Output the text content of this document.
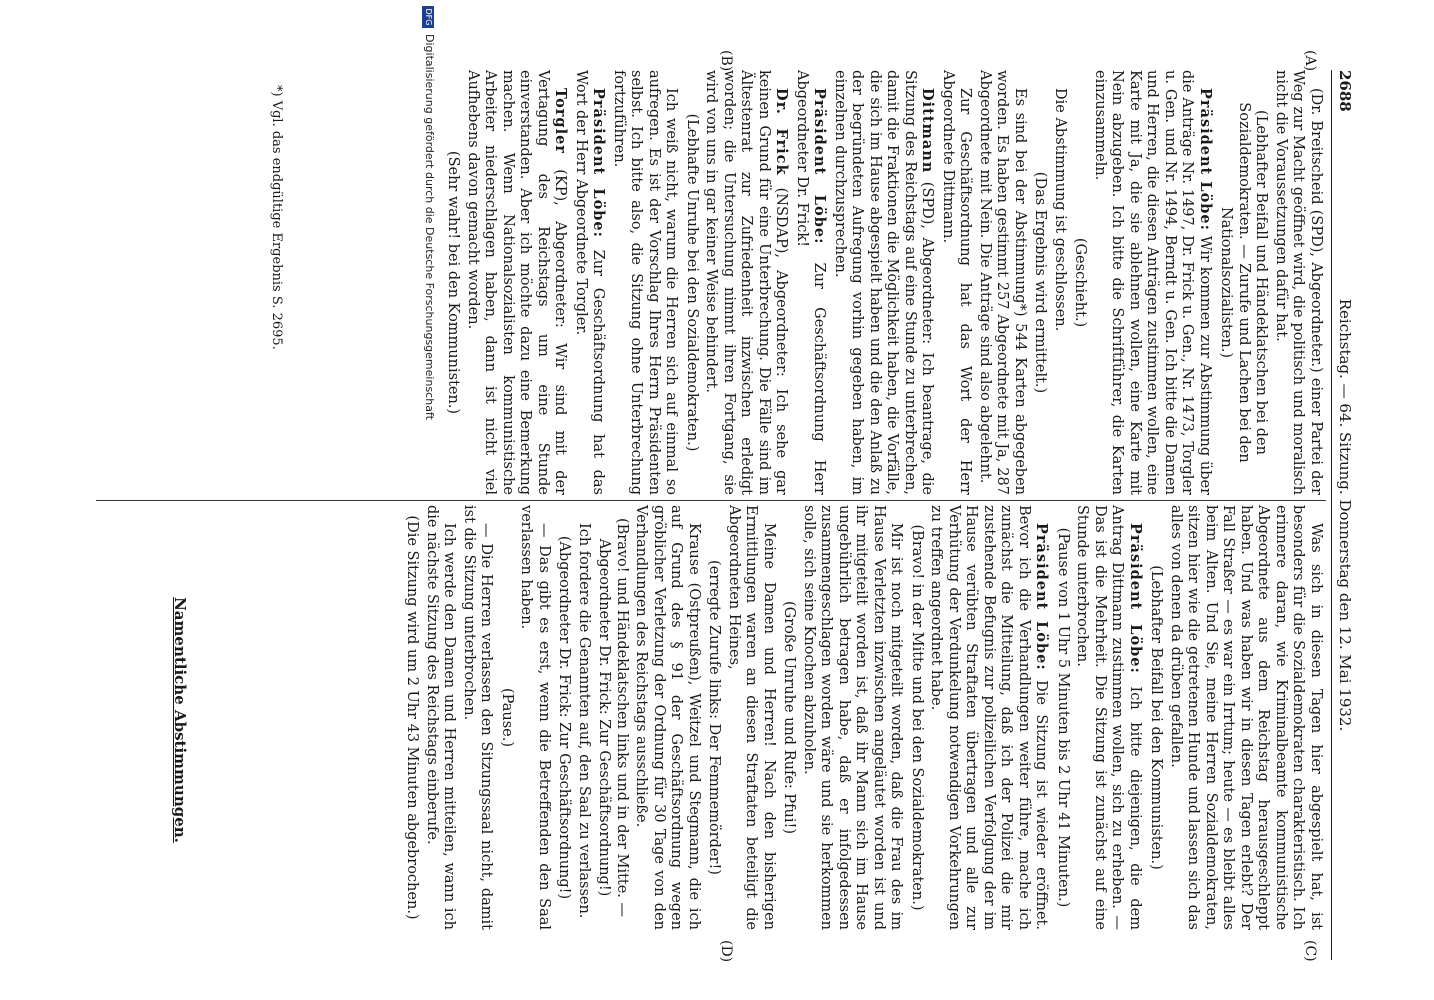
2688
Reichstag. — 64. Sitzung. Donnerstag den 12. Mai 1932.
(A)
(B)
(C)
(D)

(Dr. Breitscheid (SPD), Abgeordneter.) einer Partei der Weg zur Macht geöffnet wird, die politisch und moralisch nicht die Voraussetzungen dafür hat.

(Lebhafter Beifall und Händeklatschen bei den Sozialdemokraten. — Zurufe und Lachen bei den Nationalsozialisten.)

Präsident Löbe: Wir kommen zur Abstimmung über die Anträge Nr. 1497, Dr. Frick u. Gen., Nr. 1473, Torgler u. Gen. und Nr. 1494, Berndt u. Gen. Ich bitte die Damen und Herren, die diesen Anträgen zustimmen wollen, eine Karte mit Ja, die sie ablehnen wollen, eine Karte mit Nein abzugeben. Ich bitte die Schriftführer, die Karten einzusammeln.

(Geschieht.)

Die Abstimmung ist geschlossen.

(Das Ergebnis wird ermittelt.)

Es sind bei der Abstimmung*) 544 Karten abgegeben worden. Es haben gestimmt 257 Abgeordnete mit Ja, 287 Abgeordnete mit Nein. Die Anträge sind also abgelehnt.

Zur Geschäftsordnung hat das Wort der Herr Abgeordnete Dittmann.

Dittmann (SPD), Abgeordneter: Ich beantrage, die Sitzung des Reichstags auf eine Stunde zu unterbrechen, damit die Fraktionen die Möglichkeit haben, die Vorfälle, die sich im Hause abgespielt haben und die den Anlaß zu der begründeten Aufregung vorhin gegeben haben, im einzelnen durchzusprechen.

Präsident Löbe: Zur Geschäftsordnung Herr Abgeordneter Dr. Frick!

Dr. Frick (NSDAP), Abgeordneter: Ich sehe gar keinen Grund für eine Unterbrechung. Die Fälle sind im Ältestenrat zur Zufriedenheit inzwischen erledigt worden; die Untersuchung nimmt ihren Fortgang, sie wird von uns in gar keiner Weise behindert.

(Lebhafte Unruhe bei den Sozialdemokraten.)

Ich weiß nicht, warum die Herren sich auf einmal so aufregen. Es ist der Vorschlag Ihres Herrn Präsidenten selbst. Ich bitte also, die Sitzung ohne Unterbrechung fortzuführen.

Präsident Löbe: Zur Geschäftsordnung hat das Wort der Herr Abgeordnete Torgler.

Torgler (KP), Abgeordneter: Wir sind mit der Vertagung des Reichstags um eine Stunde einverstanden. Aber ich möchte dazu eine Bemerkung machen. Wenn Nationalsozialisten kommunistische Arbeiter niederschlagen haben, dann ist nicht viel Aufhebens davon gemacht worden.

(Sehr wahr! bei den Kommunisten.)

Was sich in diesen Tagen hier abgespielt hat, ist besonders für die Sozialdemokraten charakteristisch. Ich erinnere daran, wie Kriminalbeamte kommunistische Abgeordnete aus dem Reichstag herausgeschleppt haben. Und was haben wir in diesen Tagen erlebt? Der Fall Straßer — es war ein Irrtum; heute — es bleibt alles beim Alten. Und Sie, meine Herren Sozialdemokraten, sitzen hier wie die getretenen Hunde und lassen sich das alles von denen da drüben gefallen.

(Lebhafter Beifall bei den Kommunisten.)

Präsident Löbe: Ich bitte diejenigen, die dem Antrag Dittmann zustimmen wollen, sich zu erheben. — Das ist die Mehrheit. Die Sitzung ist zunächst auf eine Stunde unterbrochen.

(Pause von 1 Uhr 5 Minuten bis 2 Uhr 41 Minuten.)

Präsident Löbe: Die Sitzung ist wieder eröffnet. Bevor ich die Verhandlungen weiter führe, mache ich zunächst die Mitteilung, daß ich der Polizei die mir zustehende Befugnis zur polizeilichen Verfolgung der im Hause verübten Straftaten übertragen und alle zur Verhütung der Verdunkelung notwendigen Vorkehrungen zu treffen angeordnet habe.

(Bravo! in der Mitte und bei den Sozialdemokraten.)

Mir ist noch mitgeteilt worden, daß die Frau des im Hause Verletzten inzwischen angeläutet worden ist und ihr mitgeteilt worden ist, daß ihr Mann sich im Hause ungebührlich betragen habe, daß er infolgedessen zusammengeschlagen worden wäre und sie herkommen solle, sich seine Knochen abzuholen.

(Große Unruhe und Rufe: Pfui!)

Meine Damen und Herren! Nach den bisherigen Ermittlungen waren an diesen Straftaten beteiligt die Abgeordneten Heines,

(erregte Zurufe links: Der Femmemörder!)

Krause (Ostpreußen), Weitzel und Stegmann, die ich auf Grund des § 91 der Geschäftsordnung wegen gröblicher Verletzung der Ordnung für 30 Tage von den Verhandlungen des Reichstags ausschließe.

(Bravo! und Händeklatschen links und in der Mitte. — Abgeordneter Dr. Frick: Zur Geschäftsordnung!)

Ich fordere die Genannten auf, den Saal zu verlassen.

(Abgeordneter Dr. Frick: Zur Geschäftsordnung!)

— Das gibt es erst, wenn die Betreffenden den Saal verlassen haben.

(Pause.)

— Die Herren verlassen den Sitzungssaal nicht, damit ist die Sitzung unterbrochen.

Ich werde den Damen und Herren mitteilen, wann ich die nächste Sitzung des Reichstags einberufe.

(Die Sitzung wird um 2 Uhr 43 Minuten abgebrochen.)

*) Vgl. das endgültige Ergebnis S. 2695.
Namentliche Abstimmungen.
DFG
Digitalisierung gefördert durch die Deutsche Forschungsgemeinschaft
